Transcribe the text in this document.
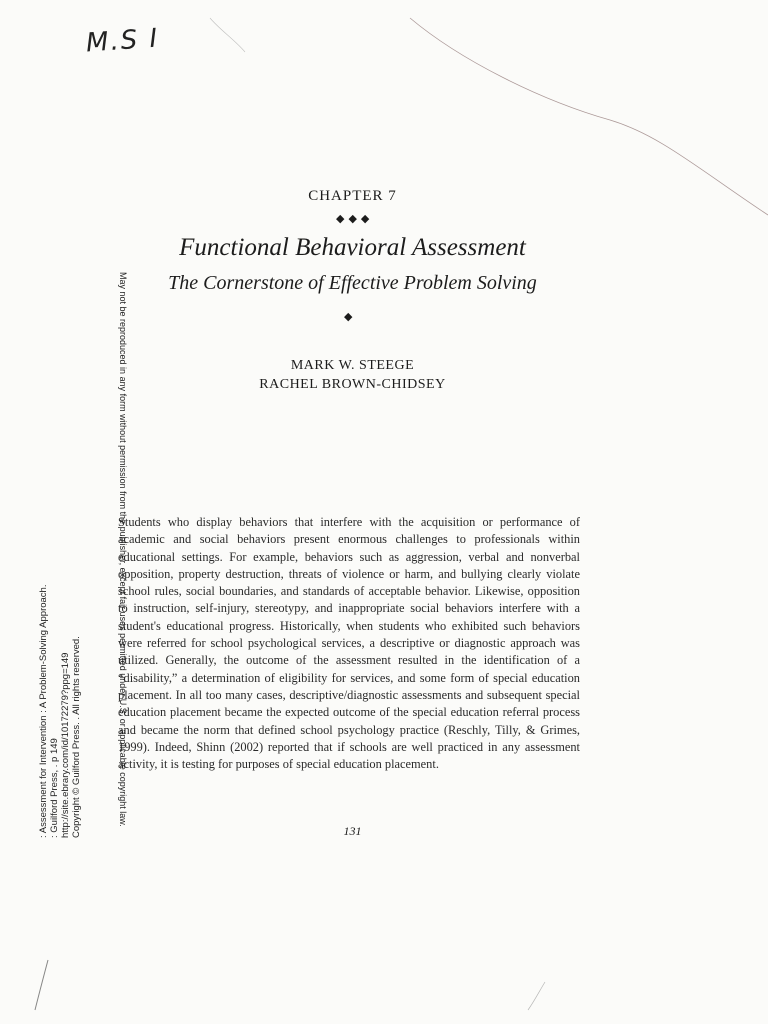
M.S I
CHAPTER 7
◆◆◆
Functional Behavioral Assessment
The Cornerstone of Effective Problem Solving
◆
MARK W. STEEGE
RACHEL BROWN-CHIDSEY
Students who display behaviors that interfere with the acquisition or performance of academic and social behaviors present enormous challenges to professionals within educational settings. For example, behaviors such as aggression, verbal and nonverbal opposition, property destruction, threats of violence or harm, and bullying clearly violate school rules, social boundaries, and standards of acceptable behavior. Likewise, opposition to instruction, self-injury, stereotypy, and inappropriate social behaviors interfere with a student's educational progress. Historically, when students who exhibited such behaviors were referred for school psychological services, a descriptive or diagnostic approach was utilized. Generally, the outcome of the assessment resulted in the identification of a “disability,” a determination of eligibility for services, and some form of special education placement. In all too many cases, descriptive/diagnostic assessments and subsequent special education placement became the expected outcome of the special education referral process and became the norm that defined school psychology practice (Reschly, Tilly, & Grimes, 1999). Indeed, Shinn (2002) reported that if schools are well practiced in any assessment activity, it is testing for purposes of special education placement.
131
May not be reproduced in any form without permission from the publisher, except fair uses permitted under U.S. or applicable copyright law.
: Assessment for Intervention : A Problem-Solving Approach. : Guilford Press, . p 149 http://site.ebrary.com/id/10172279?ppg=149 Copyright © Guilford Press. . All rights reserved.
